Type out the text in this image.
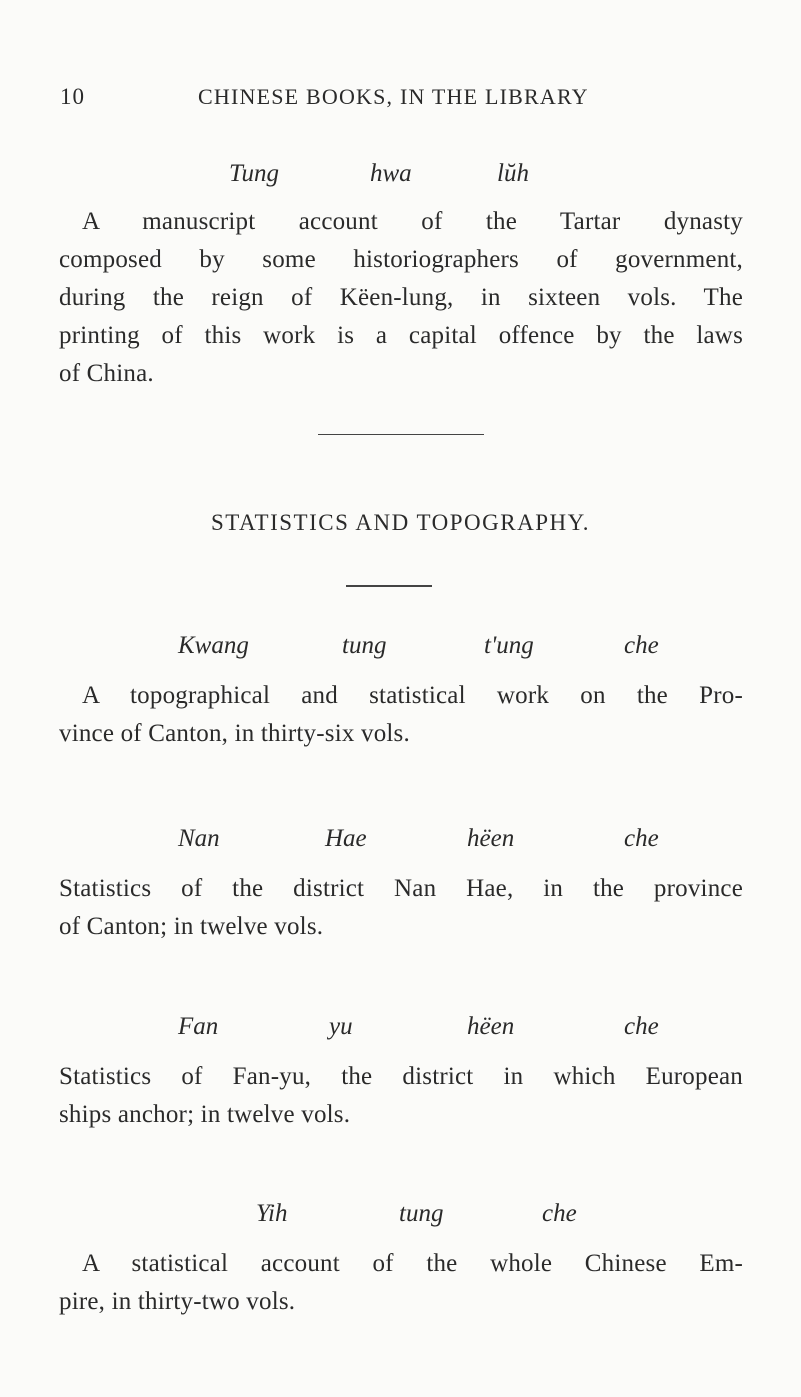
10	CHINESE BOOKS, IN THE LIBRARY
Tung	hwa	lŭh
A manuscript account of the Tartar dynasty
composed by some historiographers of government,
during the reign of Këen-lung, in sixteen vols. The
printing of this work is a capital offence by the laws
of China.
STATISTICS AND TOPOGRAPHY.
Kwang	tung	t'ung	che
A topographical and statistical work on the Pro-
vince of Canton, in thirty-six vols.
Nan	Hae	hëen	che
Statistics of the district Nan Hae, in the province
of Canton; in twelve vols.
Fan	yu	hëen	che
Statistics of Fan-yu, the district in which European
ships anchor; in twelve vols.
Yih	tung	che
A statistical account of the whole Chinese Em-
pire, in thirty-two vols.
